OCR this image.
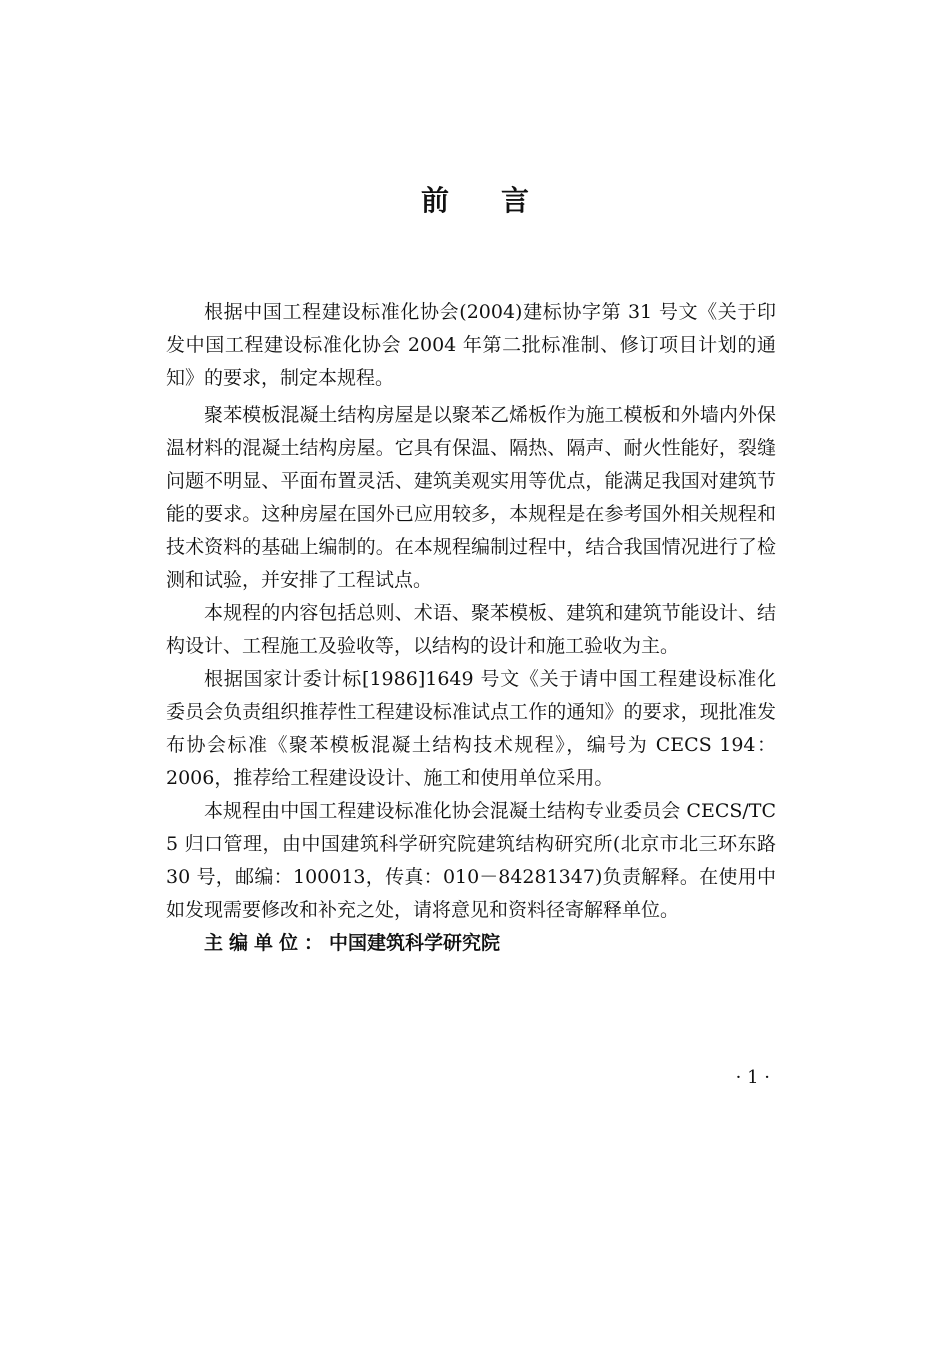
前言

根据中国工程建设标准化协会(2004)建标协字第 31 号文《关于印发中国工程建设标准化协会 2004 年第二批标准制、修订项目计划的通知》的要求，制定本规程。

聚苯模板混凝土结构房屋是以聚苯乙烯板作为施工模板和外墙内外保温材料的混凝土结构房屋。它具有保温、隔热、隔声、耐火性能好，裂缝问题不明显、平面布置灵活、建筑美观实用等优点，能满足我国对建筑节能的要求。这种房屋在国外已应用较多，本规程是在参考国外相关规程和技术资料的基础上编制的。在本规程编制过程中，结合我国情况进行了检测和试验，并安排了工程试点。

本规程的内容包括总则、术语、聚苯模板、建筑和建筑节能设计、结构设计、工程施工及验收等，以结构的设计和施工验收为主。

根据国家计委计标[1986]1649 号文《关于请中国工程建设标准化委员会负责组织推荐性工程建设标准试点工作的通知》的要求，现批准发布协会标准《聚苯模板混凝土结构技术规程》，编号为 CECS 194：2006，推荐给工程建设设计、施工和使用单位采用。

本规程由中国工程建设标准化协会混凝土结构专业委员会 CECS/TC 5 归口管理，由中国建筑科学研究院建筑结构研究所(北京市北三环东路 30 号，邮编：100013，传真：010－84281347)负责解释。在使用中如发现需要修改和补充之处，请将意见和资料径寄解释单位。

主编单位：中国建筑科学研究院

· 1 ·
